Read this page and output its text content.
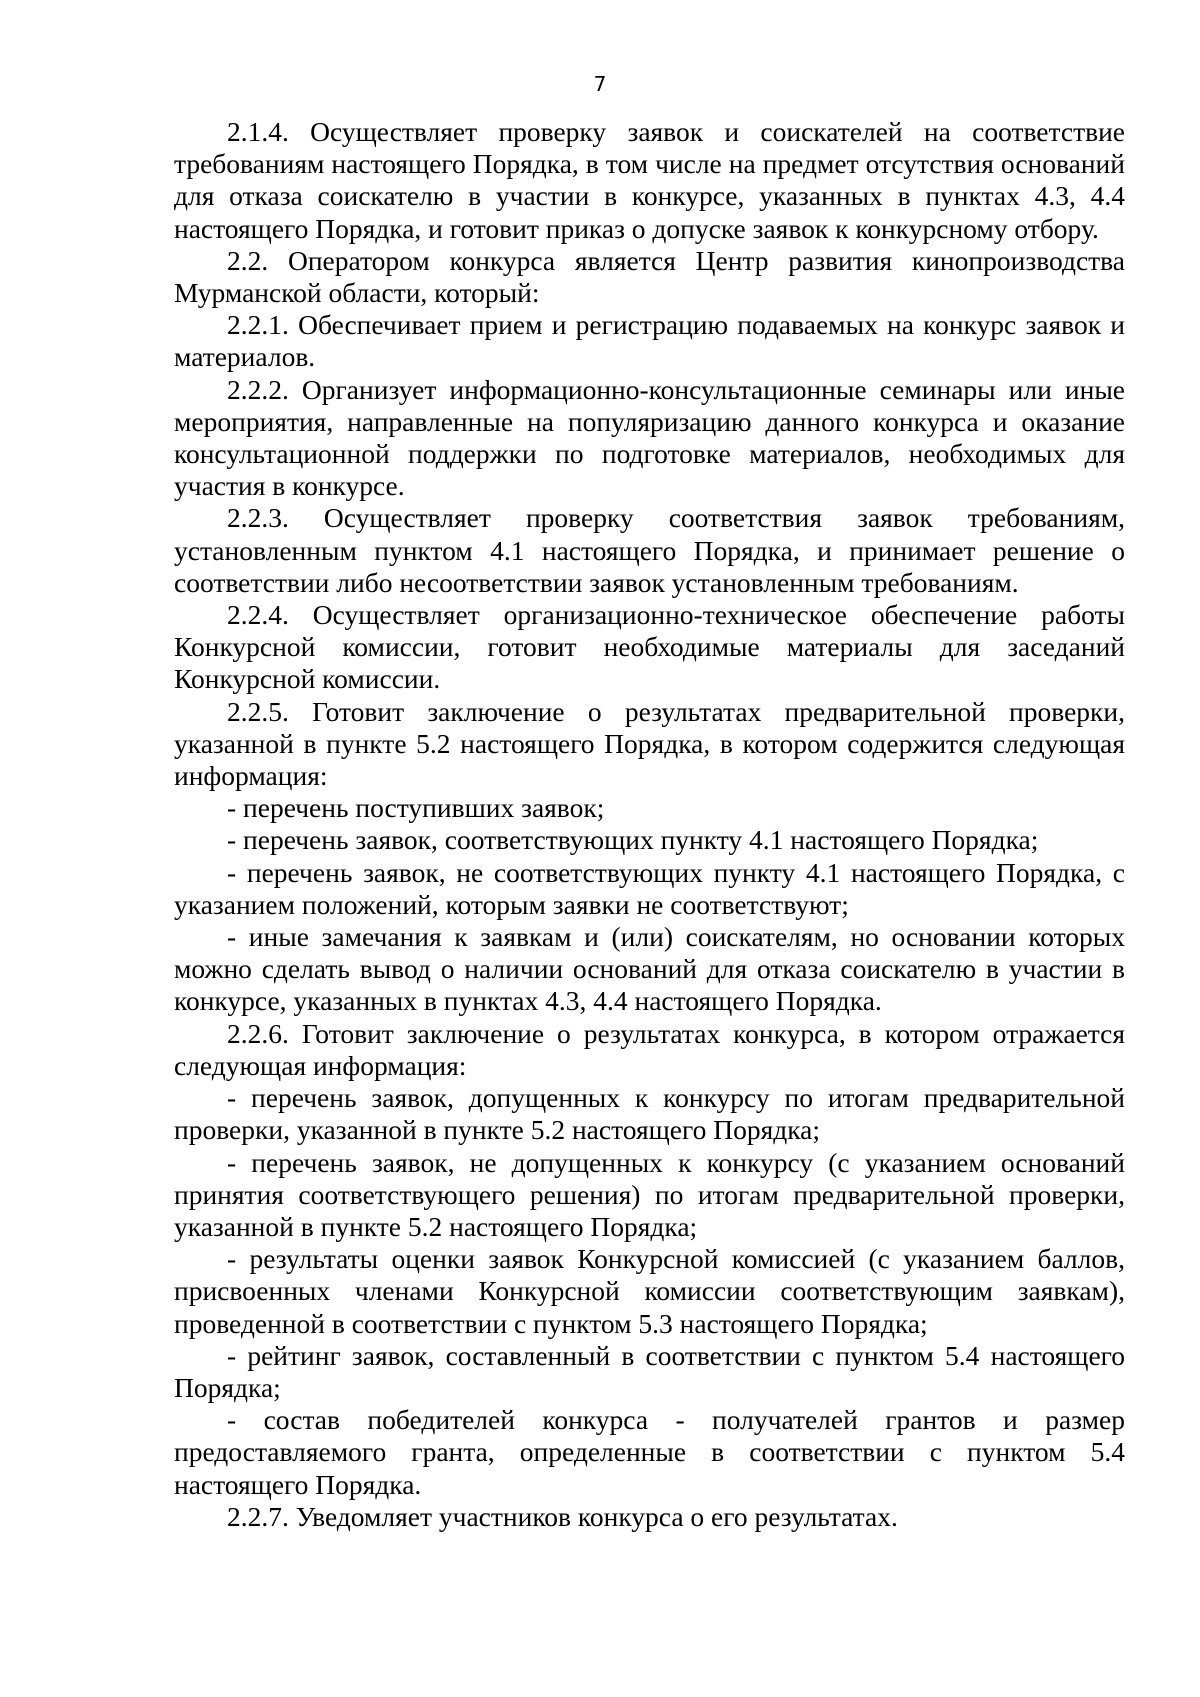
7

2.1.4. Осуществляет проверку заявок и соискателей на соответствие требованиям настоящего Порядка, в том числе на предмет отсутствия оснований для отказа соискателю в участии в конкурсе, указанных в пунктах 4.3, 4.4 настоящего Порядка, и готовит приказ о допуске заявок к конкурсному отбору.

2.2. Оператором конкурса является Центр развития кинопроизводства Мурманской области, который:

2.2.1. Обеспечивает прием и регистрацию подаваемых на конкурс заявок и материалов.

2.2.2. Организует информационно-консультационные семинары или иные мероприятия, направленные на популяризацию данного конкурса и оказание консультационной поддержки по подготовке материалов, необходимых для участия в конкурсе.

2.2.3. Осуществляет проверку соответствия заявок требованиям, установленным пунктом 4.1 настоящего Порядка, и принимает решение о соответствии либо несоответствии заявок установленным требованиям.

2.2.4. Осуществляет организационно-техническое обеспечение работы Конкурсной комиссии, готовит необходимые материалы для заседаний Конкурсной комиссии.

2.2.5. Готовит заключение о результатах предварительной проверки, указанной в пункте 5.2 настоящего Порядка, в котором содержится следующая информация:

- перечень поступивших заявок;

- перечень заявок, соответствующих пункту 4.1 настоящего Порядка;

- перечень заявок, не соответствующих пункту 4.1 настоящего Порядка, с указанием положений, которым заявки не соответствуют;

- иные замечания к заявкам и (или) соискателям, но основании которых можно сделать вывод о наличии оснований для отказа соискателю в участии в конкурсе, указанных в пунктах 4.3, 4.4 настоящего Порядка.

2.2.6. Готовит заключение о результатах конкурса, в котором отражается следующая информация:

- перечень заявок, допущенных к конкурсу по итогам предварительной проверки, указанной в пункте 5.2 настоящего Порядка;

- перечень заявок, не допущенных к конкурсу (с указанием оснований принятия соответствующего решения) по итогам предварительной проверки, указанной в пункте 5.2 настоящего Порядка;

- результаты оценки заявок Конкурсной комиссией (с указанием баллов, присвоенных членами Конкурсной комиссии соответствующим заявкам), проведенной в соответствии с пунктом 5.3 настоящего Порядка;

- рейтинг заявок, составленный в соответствии с пунктом 5.4 настоящего Порядка;

- состав победителей конкурса - получателей грантов и размер предоставляемого гранта, определенные в соответствии с пунктом 5.4 настоящего Порядка.

2.2.7. Уведомляет участников конкурса о его результатах.
